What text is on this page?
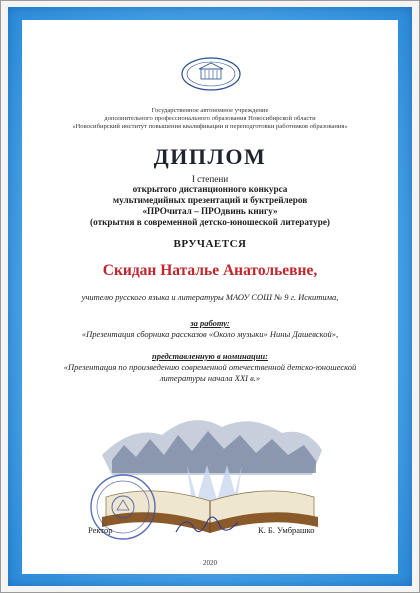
Государственное автономное учреждение
дополнительного профессионального образования Новосибирской области
«Новосибирский институт повышения квалификации и переподготовки работников образования»
ДИПЛОМ
I степени
открытого дистанционного конкурса
мультимедийных презентаций и буктрейлеров
«ПРОчитал – ПРОдвинь книгу»
(открытия в современной детско-юношеской литературе)
ВРУЧАЕТСЯ
Скидан Наталье Анатольевне,
учителю русского языка и литературы МАОУ СОШ № 9 г. Искитима,
за работу:
«Презентация сборника рассказов «Около музыки» Нины Дашевской»,
представленную в номинации:
«Презентация по произведению современной отечественной детско-юношеской
литературы начала XXI в.»
Ректор	К. Б. Умбрашко
2020
